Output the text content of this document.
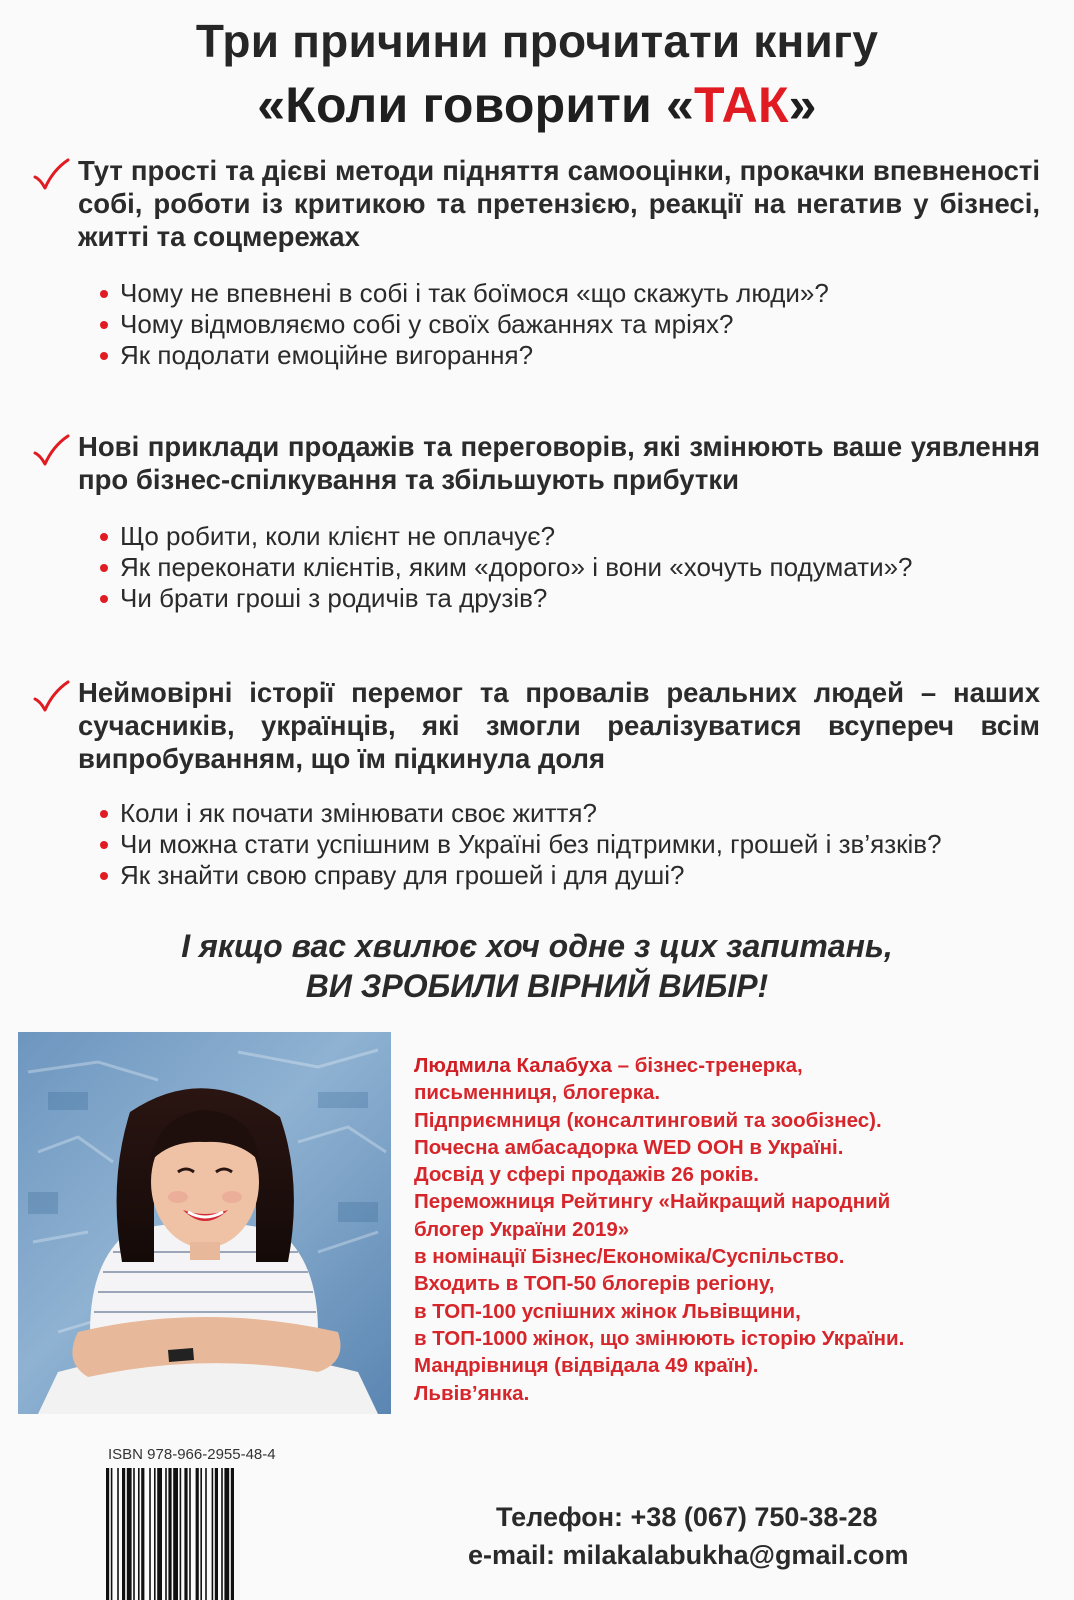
Три причини прочитати книгу
«Коли говорити «ТАК»

Тут прості та дієві методи підняття самооцінки, прокачки впевненості собі, роботи із критикою та претензією, реакції на негатив у бізнесі, житті та соцмережах

Чому не впевнені в собі і так боїмося «що скажуть люди»?
Чому відмовляємо собі у своїх бажаннях та мріях?
Як подолати емоційне вигорання?

Нові приклади продажів та переговорів, які змінюють ваше уявлення про бізнес-спілкування та збільшують прибутки

Що робити, коли клієнт не оплачує?
Як переконати клієнтів, яким «дорого» і вони «хочуть подумати»?
Чи брати гроші з родичів та друзів?

Неймовірні історії перемог та провалів реальних людей – наших сучасників, українців, які змогли реалізуватися всупереч всім випробуванням, що їм підкинула доля

Коли і як почати змінювати своє життя?
Чи можна стати успішним в Україні без підтримки, грошей і зв’язків?
Як знайти свою справу для грошей і для душі?
І якщо вас хвилює хоч одне з цих запитань,
ВИ ЗРОБИЛИ ВІРНИЙ ВИБІР!
Людмила Калабуха – бізнес-тренерка,
письменниця, блогерка.
Підприємниця (консалтинговий та зообізнес).
Почесна амбасадорка WED ООН в Україні.
Досвід у сфері продажів 26 років.
Переможниця Рейтингу «Найкращий народний
блогер України 2019»
в номінації Бізнес/Економіка/Суспільство.
Входить в ТОП-50 блогерів регіону,
в ТОП-100 успішних жінок Львівщини,
в ТОП-1000 жінок, що змінюють історію України.
Мандрівниця (відвідала 49 країн).
Львів’янка.
ISBN 978-966-2955-48-4
Телефон: +38 (067) 750-38-28
e-mail: milakalabukha@gmail.com
